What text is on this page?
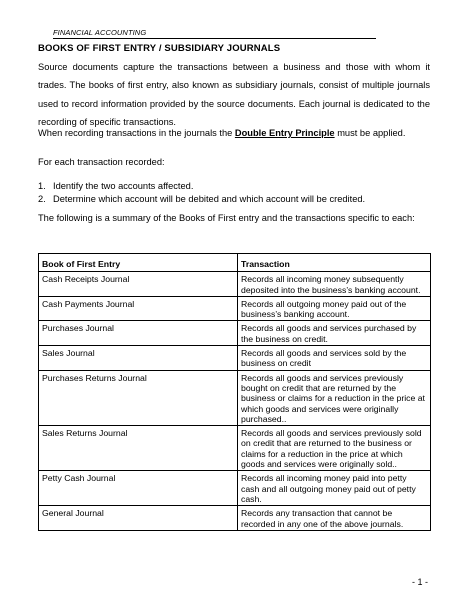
FINANCIAL ACCOUNTING
BOOKS OF FIRST ENTRY / SUBSIDIARY JOURNALS

Source documents capture the transactions between a business and those with whom it trades. The books of first entry, also known as subsidiary journals, consist of multiple journals used to record information provided by the source documents. Each journal is dedicated to the recording of specific transactions.

When recording transactions in the journals the Double Entry Principle must be applied.

For each transaction recorded:

1. Identify the two accounts affected.
2. Determine which account will be debited and which account will be credited.

The following is a summary of the Books of First entry and the transactions specific to each:

Book of First Entry	Transaction
Cash Receipts Journal	Records all incoming money subsequently deposited into the business’s banking account.
Cash Payments Journal	Records all outgoing money paid out of the business’s banking account.
Purchases Journal	Records all goods and services purchased by the business on credit.
Sales Journal	Records all goods and services sold by the business on credit
Purchases Returns Journal	Records all goods and services previously bought on credit that are returned by the business or claims for a reduction in the price at which goods and services were originally purchased..
Sales Returns Journal	Records all goods and services previously sold on credit that are returned to the business or claims for a reduction in the price at which goods and services were originally sold..
Petty Cash Journal	Records all incoming money paid into petty cash and all outgoing money paid out of petty cash.
General Journal	Records any transaction that cannot be recorded in any one of the above journals.
- 1 -
